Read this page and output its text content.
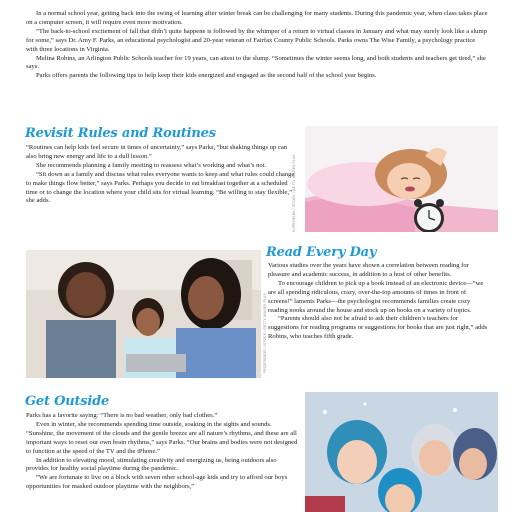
In a normal school year, getting back into the swing of learning after winter break can be challenging for many students. During this pandemic year, when class takes place on a computer screen, it will require even more motivation.

“The back-to-school excitement of fall that didn’t quite happene is followed by the whimper of a return to virtual classes in January and what may surely look like a slump for some,” says Dr. Amy F. Parks, an educational psychologist and 20-year veteran of Fairfax County Public Schools. Parks owns The Wise Family, a psychology practice with three locations in Virginia.

Melina Robins, an Arlington Public Schools teacher for 19 years, can attest to the slump. “Sometimes the winter seems long, and both students and teachers get tired,” she says.

Parks offers parents the following tips to help keep their kids energized and engaged as the second half of the school year begins.

Revisit Rules and Routines

“Routines can help kids feel secure in times of uncertainty,” says Parks, “but shaking things up can also bring new energy and life to a dull lesson.”

She recommends planning a family meeting to reassess what’s working and what’s not.

“Sit down as a family and discuss what rules everyone wants to keep and what rules could change to make things flow better,” says Parks. Perhaps you decide to eat breakfast together at a scheduled time or to change the location where your child sits for virtual learning. “Be willing to stay flexible,” she adds.	KUPRYNENK / ISTOCK / GETTY IMAGES PLUS
FREDFROESE / ISTOCK / GETTY IMAGES PLUS
Read Every Day

Various studies over the years have shown a correlation between reading for pleasure and academic success, in addition to a host of other benefits.

To encourage children to pick up a book instead of an electronic device—“we are all spending ridiculous, crazy, over-the-top amounts of times in front of screens!” laments Parks—the psychologist recommends families create cozy reading nooks around the house and stock up on books on a variety of topics.

“Parents should also not be afraid to ask their children’s teachers for suggestions for reading programs or suggestions for books that are just right,” adds Robins, who teaches fifth grade.

Get Outside

Parks has a favorite saying: “There is no bad weather, only bad clothes.”

Even in winter, she recommends spending time outside, soaking in the sights and sounds. “Sunshine, the movement of the clouds and the gentle breeze are all nature’s rhythms, and these are all important ways to reset our own brain rhythms,” says Parks. “Our brains and bodies were not designed to function at the speed of the TV and the iPhone.”

In addition to elevating mood, stimulating creativity and energizing us, being outdoors also provides for healthy social playtime during the pandemic.

“We are fortunate to live on a block with seven other school-age kids and try to afford our boys opportunities for masked outdoor playtime with the neighbors,”
